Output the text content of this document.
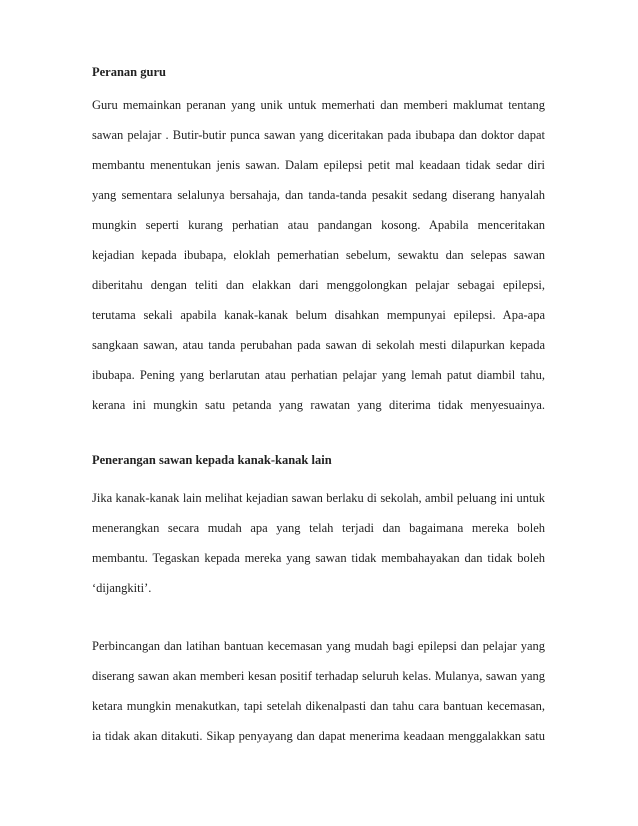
Peranan guru
Guru memainkan peranan yang unik untuk memerhati dan memberi maklumat tentang
sawan pelajar . Butir-butir punca sawan yang diceritakan pada ibubapa dan doktor dapat
membantu menentukan jenis sawan. Dalam epilepsi petit mal keadaan tidak sedar diri
yang sementara selalunya bersahaja, dan tanda-tanda pesakit sedang diserang hanyalah
mungkin seperti kurang perhatian atau pandangan kosong. Apabila menceritakan
kejadian kepada ibubapa, eloklah pemerhatian sebelum, sewaktu dan selepas sawan
diberitahu dengan teliti dan elakkan dari menggolongkan pelajar sebagai epilepsi,
terutama sekali apabila kanak-kanak belum disahkan mempunyai epilepsi. Apa-apa
sangkaan sawan, atau tanda perubahan pada sawan di sekolah mesti dilapurkan kepada
ibubapa. Pening yang berlarutan atau perhatian pelajar yang lemah patut diambil tahu,
kerana ini mungkin satu petanda yang rawatan yang diterima tidak menyesuainya.
Penerangan sawan kepada kanak-kanak lain
Jika kanak-kanak lain melihat kejadian sawan berlaku di sekolah, ambil peluang ini untuk
menerangkan secara mudah apa yang telah terjadi dan bagaimana mereka boleh
membantu. Tegaskan kepada mereka yang sawan tidak membahayakan dan tidak boleh
‘dijangkiti’.
Perbincangan dan latihan bantuan kecemasan yang mudah bagi epilepsi dan pelajar yang
diserang sawan akan memberi kesan positif terhadap seluruh kelas. Mulanya, sawan yang
ketara mungkin menakutkan, tapi setelah dikenalpasti dan tahu cara bantuan kecemasan,
ia tidak akan ditakuti. Sikap penyayang dan dapat menerima keadaan menggalakkan satu
